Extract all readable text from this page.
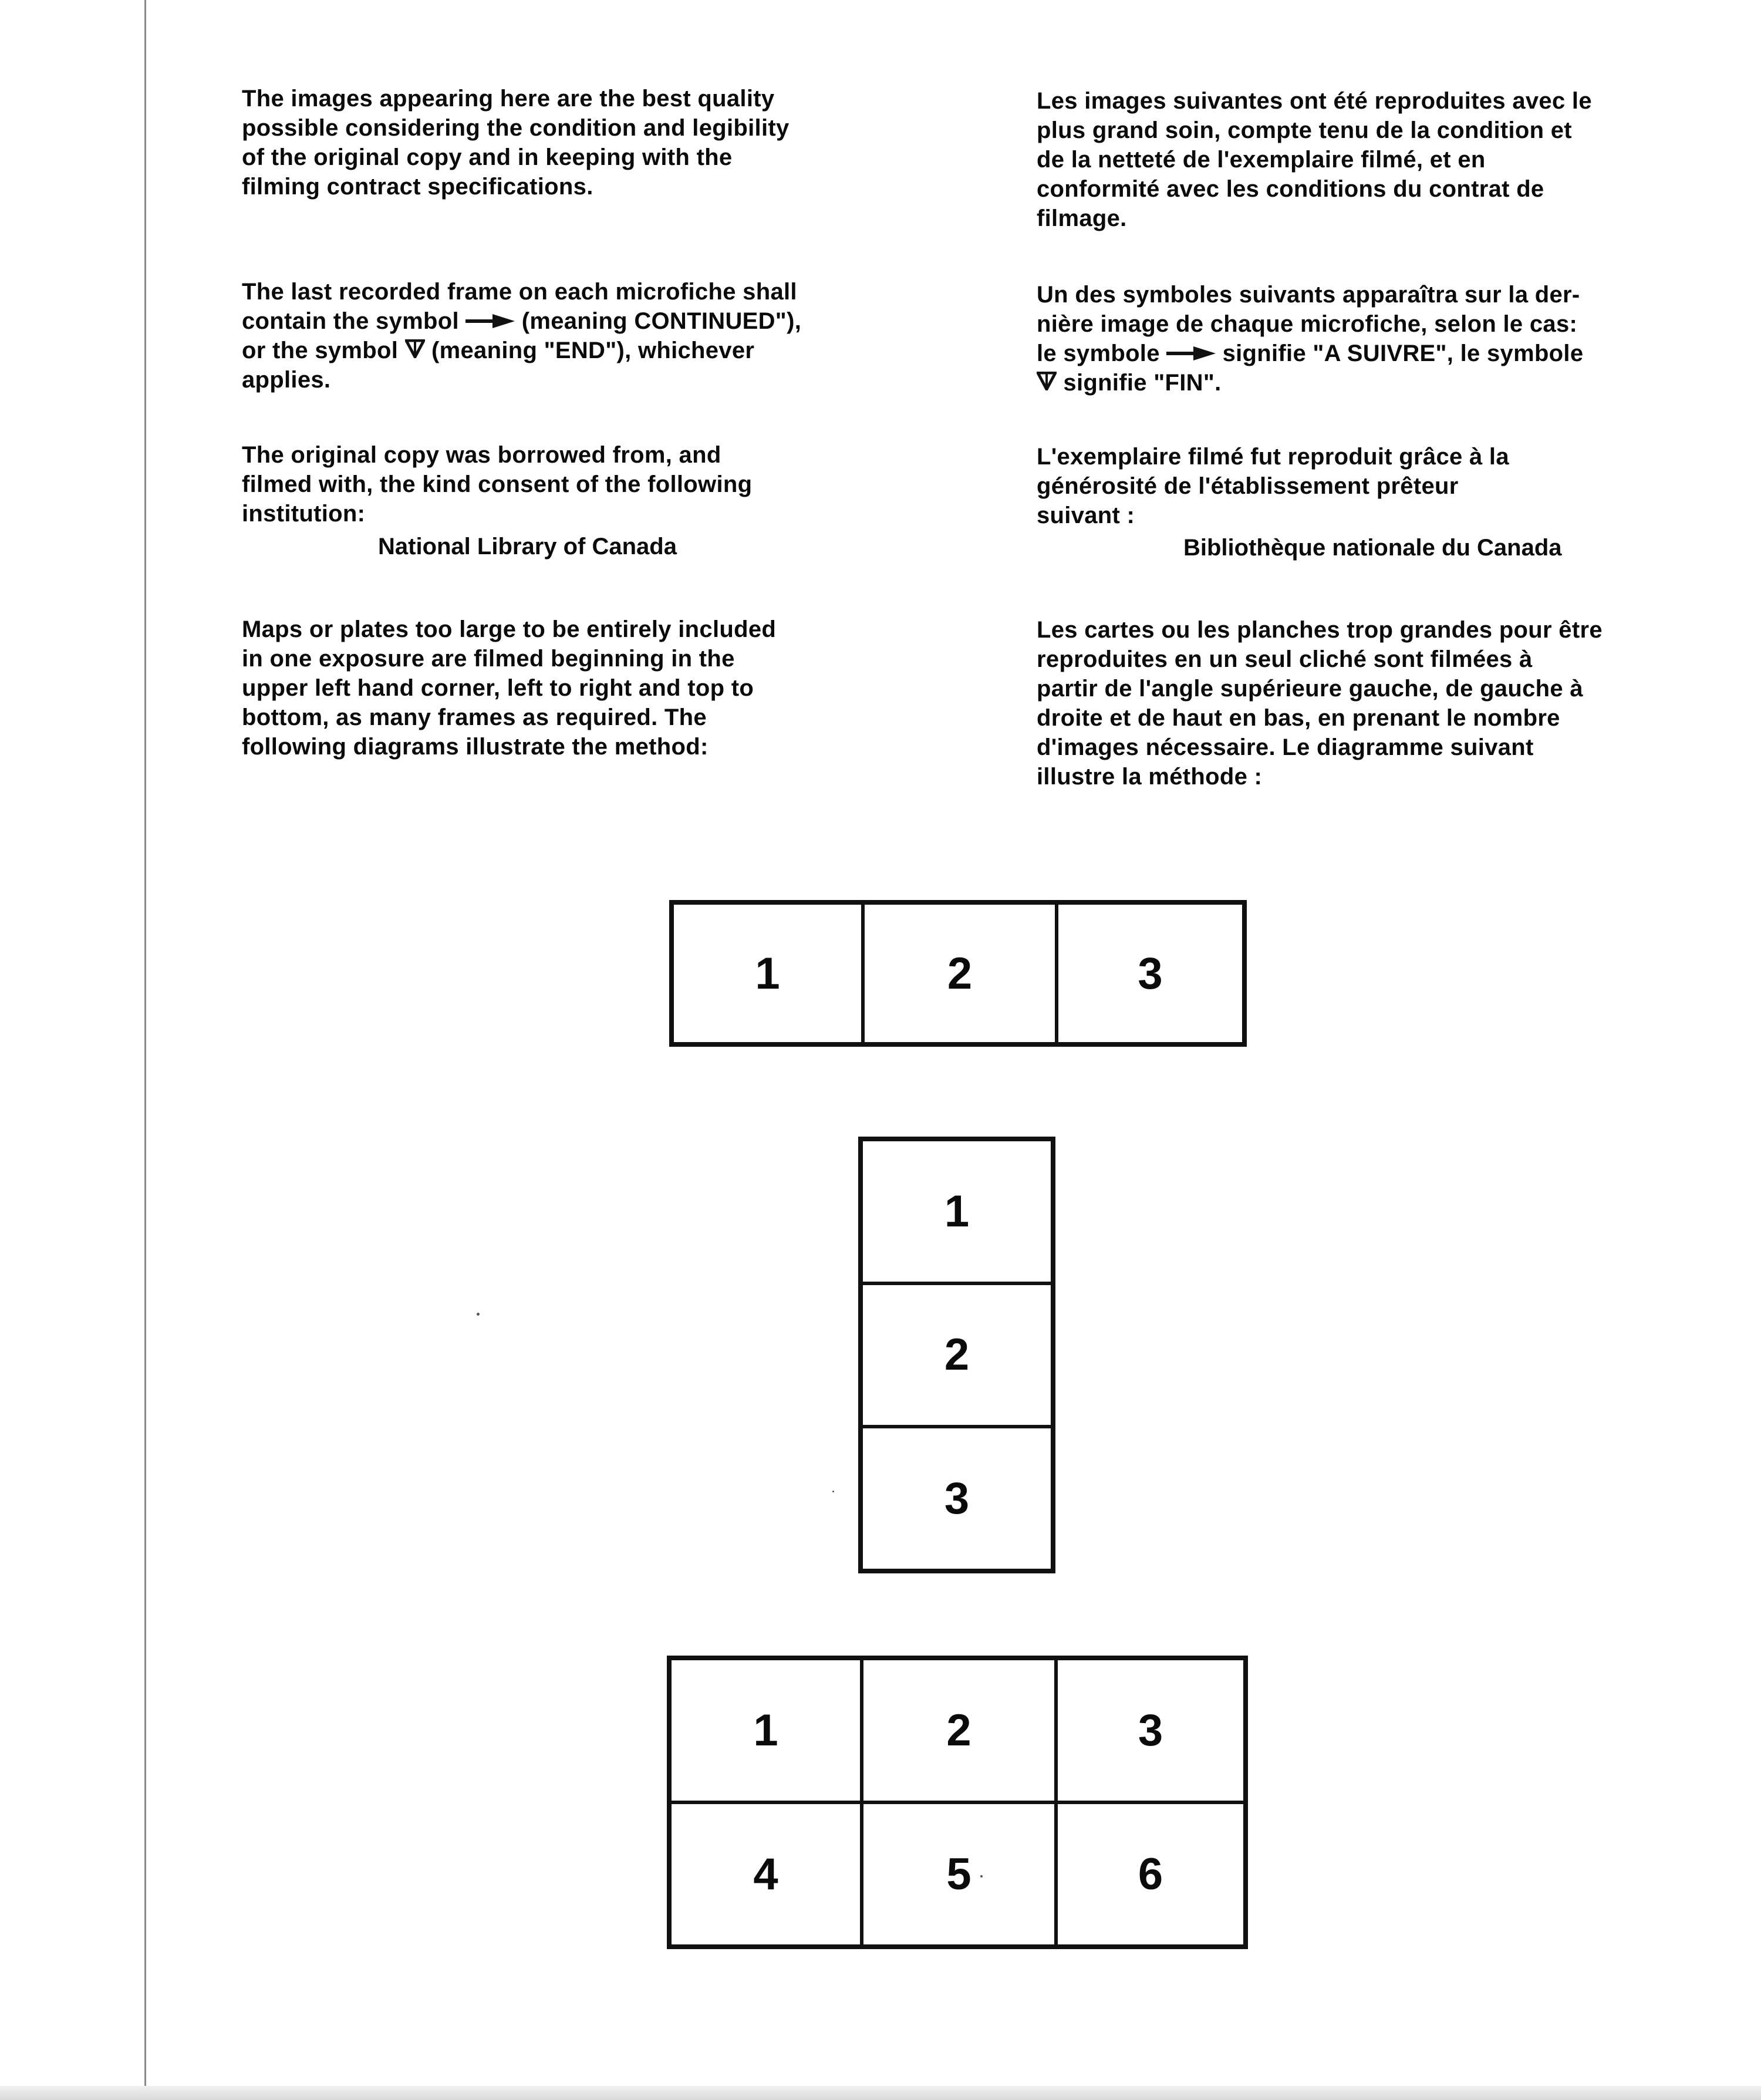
The images appearing here are the best quality
possible considering the condition and legibility
of the original copy and in keeping with the
filming contract specifications.

The last recorded frame on each microfiche shall
contain the symbol	(meaning CONTINUED"),
or the symbol  (meaning "END"), whichever
applies.

The original copy was borrowed from, and
filmed with, the kind consent of the following
institution:

National Library of Canada

Maps or plates too large to be entirely included
in one exposure are filmed beginning in the
upper left hand corner, left to right and top to
bottom, as many frames as required. The
following diagrams illustrate the method:

Les images suivantes ont été reproduites avec le
plus grand soin, compte tenu de la condition et
de la netteté de l'exemplaire filmé, et en
conformité avec les conditions du contrat de
filmage.

Un des symboles suivants apparaîtra sur la der-
nière image de chaque microfiche, selon le cas:
le symbole	signifie "A SUIVRE", le symbole
signifie "FIN".

L'exemplaire filmé fut reproduit grâce à la
générosité de l'établissement prêteur
suivant :

Bibliothèque nationale du Canada

Les cartes ou les planches trop grandes pour être
reproduites en un seul cliché sont filmées à
partir de l'angle supérieure gauche, de gauche à
droite et de haut en bas, en prenant le nombre
d'images nécessaire. Le diagramme suivant
illustre la méthode :

1	2	3
1
2
3
1	2	3
4	5	6
